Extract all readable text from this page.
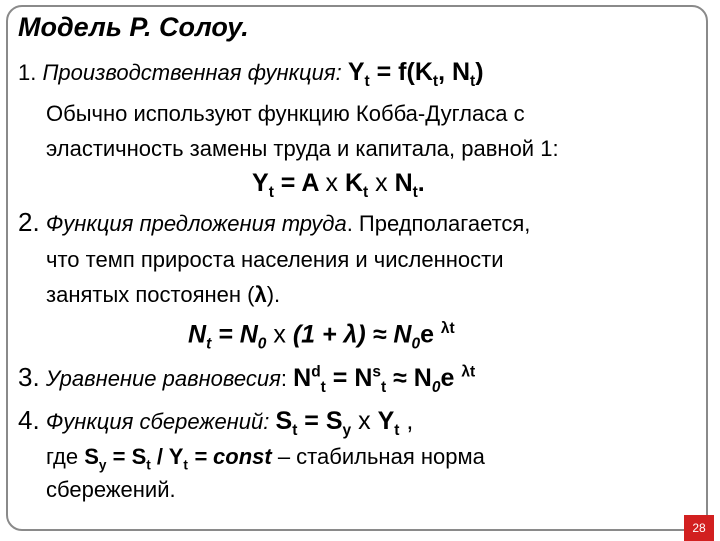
Модель Р. Солоу.
1. Производственная функция: $Y_t = f(K_t$, $N_t$)
Обычно используют функцию Кобба-Дугласа с
эластичность замены труда и капитала, равной 1:
$Y_t = A$ x $K_t$ x $N_t$.
2. Функция предложения труда. Предполагается,
что темп прироста населения и численности
занятых постоянен (λ).
$N_t = N_0$ x $(1 + \lambda) \approx N_0e$ $^{\lambda t}$
3. Уравнение равновесия: $N^d_t = N^s_t \approx N_0e$ $^{\lambda t}$
4. Функция сбережений: $S_t = S_y$ x $Y_t$ ,
где $S_y = S_t / Y_t$ = const – стабильная норма
сбережений.
28
